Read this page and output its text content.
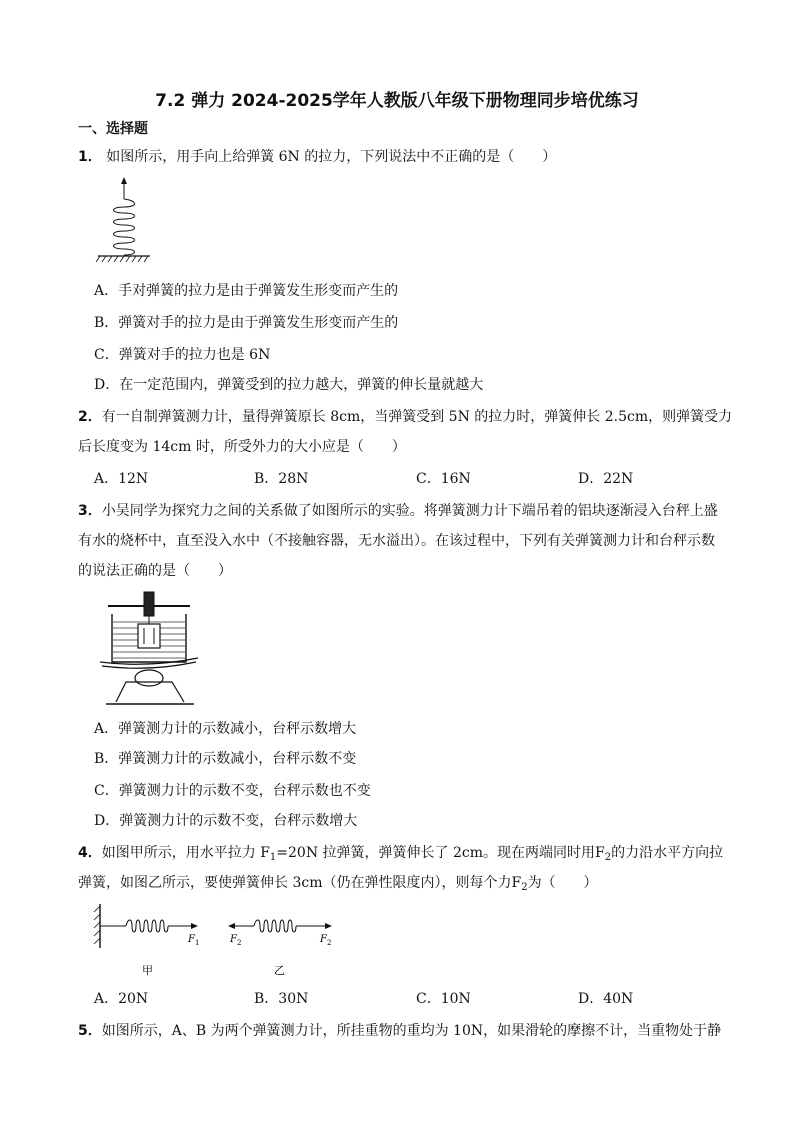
7.2 弹力 2024-2025学年人教版八年级下册物理同步培优练习
一、选择题
1． 如图所示，用手向上给弹簧 6N 的拉力，下列说法中不正确的是（　　）
A．手对弹簧的拉力是由于弹簧发生形变而产生的
B．弹簧对手的拉力是由于弹簧发生形变而产生的
C．弹簧对手的拉力也是 6N
D．在一定范围内，弹簧受到的拉力越大，弹簧的伸长量就越大
2．有一自制弹簧测力计，量得弹簧原长 8cm，当弹簧受到 5N 的拉力时，弹簧伸长 2.5cm，则弹簧受力
后长度变为 14cm 时，所受外力的大小应是（　　）
A．12N	B．28N	C．16N	D．22N
3．小吴同学为探究力之间的关系做了如图所示的实验。将弹簧测力计下端吊着的铝块逐渐浸入台秤上盛
有水的烧杯中，直至没入水中（不接触容器，无水溢出）。在该过程中，下列有关弹簧测力计和台秤示数
的说法正确的是（　　）
A．弹簧测力计的示数减小，台秤示数增大
B．弹簧测力计的示数减小，台秤示数不变
C．弹簧测力计的示数不变，台秤示数也不变
D．弹簧测力计的示数不变，台秤示数增大
4．如图甲所示，用水平拉力 $F_1=20N$ 拉弹簧，弹簧伸长了 2cm。现在两端同时用$F_2$的力沿水平方向拉
弹簧，如图乙所示，要使弹簧伸长 3cm（仍在弹性限度内），则每个力$F_2$为（　　）
F 1	F 2	F 2
甲	乙
A．20N	B．30N	C．10N	D．40N
5．如图所示，A、B 为两个弹簧测力计，所挂重物的重均为 10N，如果滑轮的摩擦不计，当重物处于静
